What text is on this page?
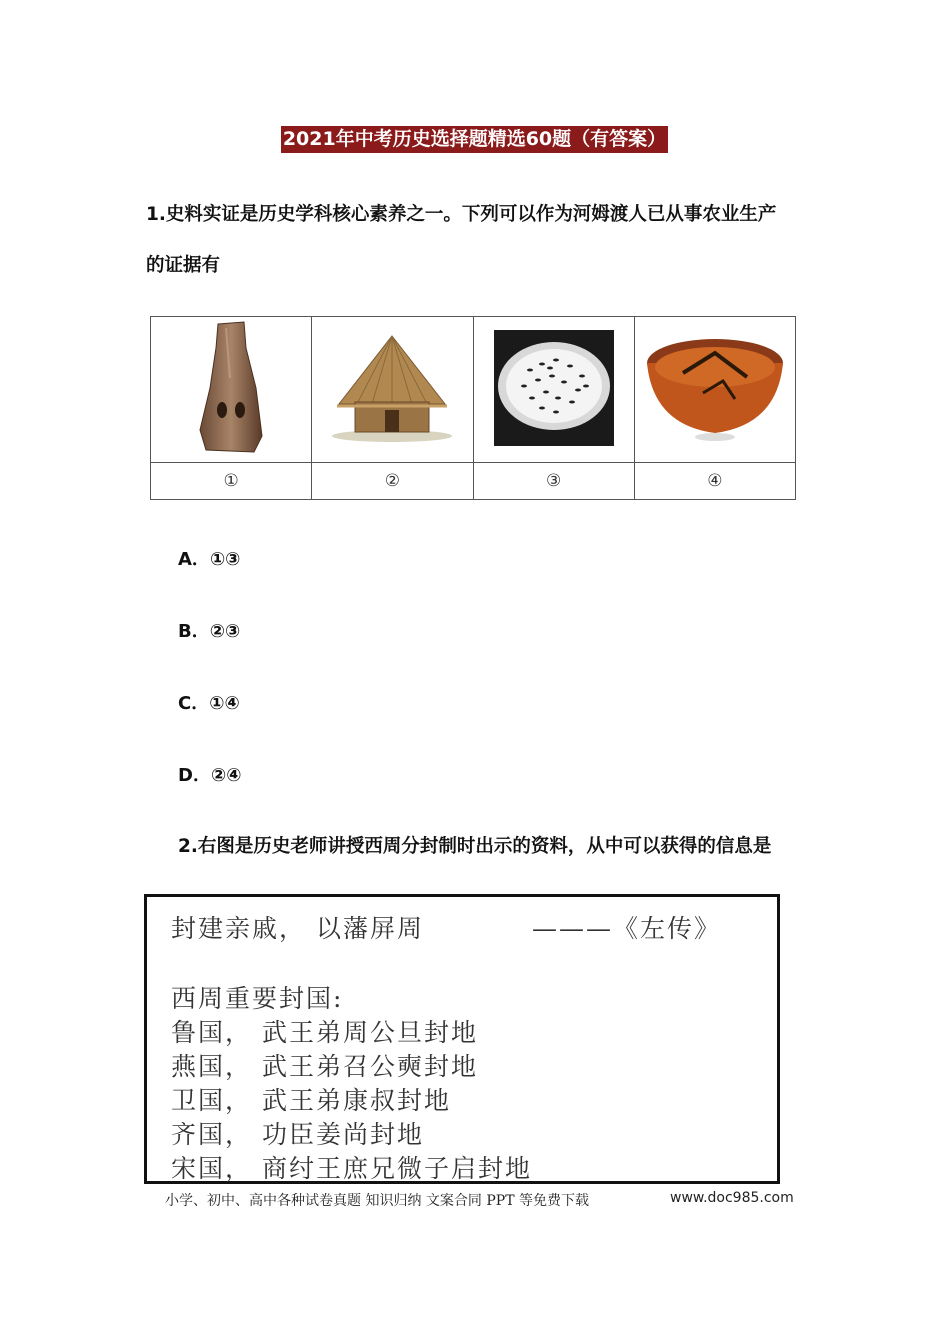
2021年中考历史选择题精选60题（有答案）
1.史料实证是历史学科核心素养之一。下列可以作为河姆渡人已从事农业生产
的证据有

①	②	③	④
A．①③
B．②③
C．①④
D．②④
2.右图是历史老师讲授西周分封制时出示的资料，从中可以获得的信息是
封建亲戚， 以藩屏周	———《左传》
西周重要封国:
鲁国， 武王弟周公旦封地
燕国， 武王弟召公奭封地
卫国， 武王弟康叔封地
齐国， 功臣姜尚封地
宋国， 商纣王庶兄微子启封地
小学、初中、高中各种试卷真题 知识归纳 文案合同 PPT 等免费下载	www.doc985.com
